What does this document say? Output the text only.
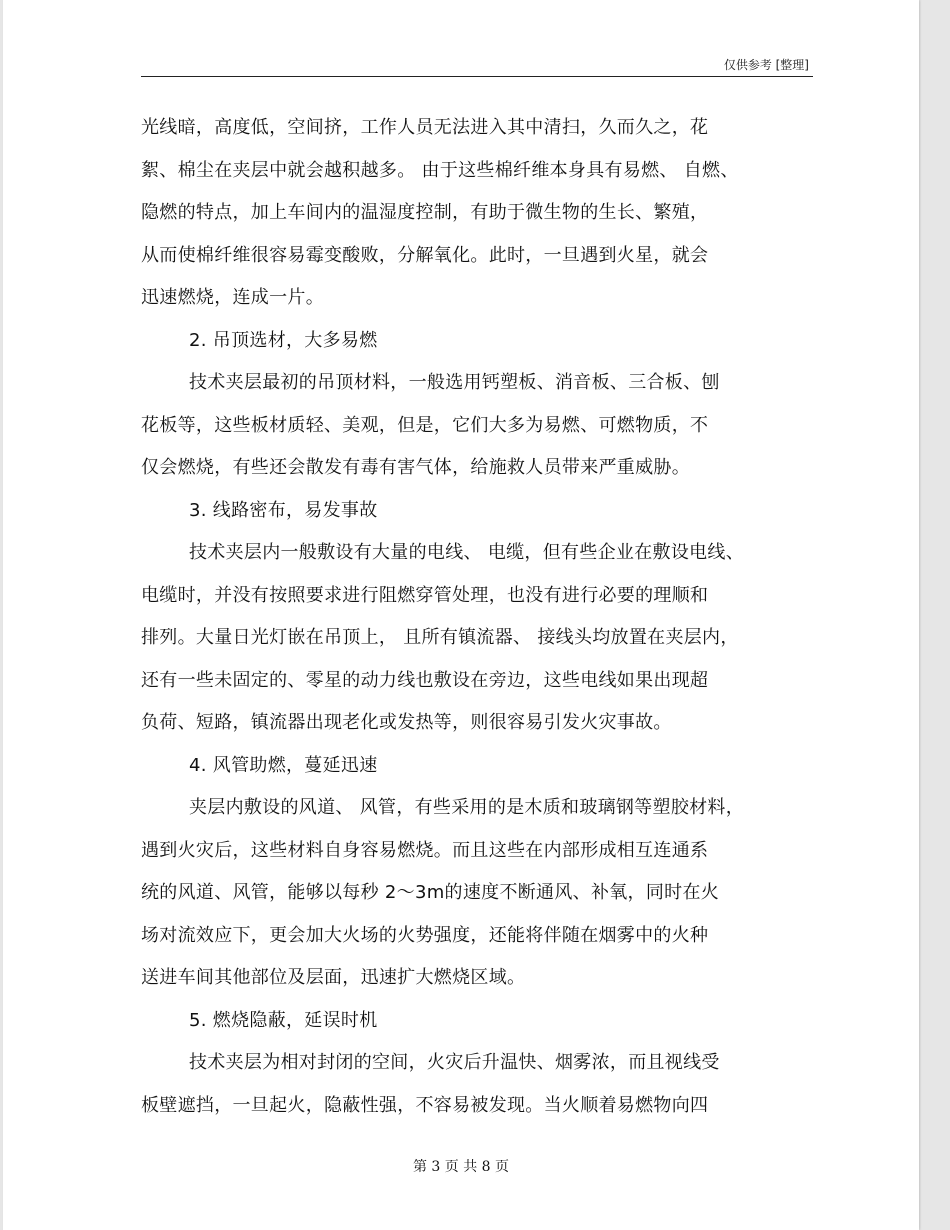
仅供参考 [整理]
光线暗，高度低，空间挤，工作人员无法进入其中清扫，久而久之，花
絮、棉尘在夹层中就会越积越多。 由于这些棉纤维本身具有易燃、 自燃、
隐燃的特点，加上车间内的温湿度控制，有助于微生物的生长、繁殖，
从而使棉纤维很容易霉变酸败，分解氧化。此时，一旦遇到火星，就会
迅速燃烧，连成一片。
2. 吊顶选材，大多易燃
技术夹层最初的吊顶材料，一般选用钙塑板、消音板、三合板、刨
花板等，这些板材质轻、美观，但是，它们大多为易燃、可燃物质，不
仅会燃烧，有些还会散发有毒有害气体，给施救人员带来严重威胁。
3. 线路密布，易发事故
技术夹层内一般敷设有大量的电线、 电缆，但有些企业在敷设电线、
电缆时，并没有按照要求进行阻燃穿管处理，也没有进行必要的理顺和
排列。大量日光灯嵌在吊顶上， 且所有镇流器、 接线头均放置在夹层内，
还有一些未固定的、零星的动力线也敷设在旁边，这些电线如果出现超
负荷、短路，镇流器出现老化或发热等，则很容易引发火灾事故。
4. 风管助燃，蔓延迅速
夹层内敷设的风道、 风管，有些采用的是木质和玻璃钢等塑胶材料，
遇到火灾后，这些材料自身容易燃烧。而且这些在内部形成相互连通系
统的风道、风管，能够以每秒 2～3m的速度不断通风、补氧，同时在火
场对流效应下，更会加大火场的火势强度，还能将伴随在烟雾中的火种
送进车间其他部位及层面，迅速扩大燃烧区域。
5. 燃烧隐蔽，延误时机
技术夹层为相对封闭的空间，火灾后升温快、烟雾浓，而且视线受
板壁遮挡，一旦起火，隐蔽性强，不容易被发现。当火顺着易燃物向四
第 3 页 共 8 页
